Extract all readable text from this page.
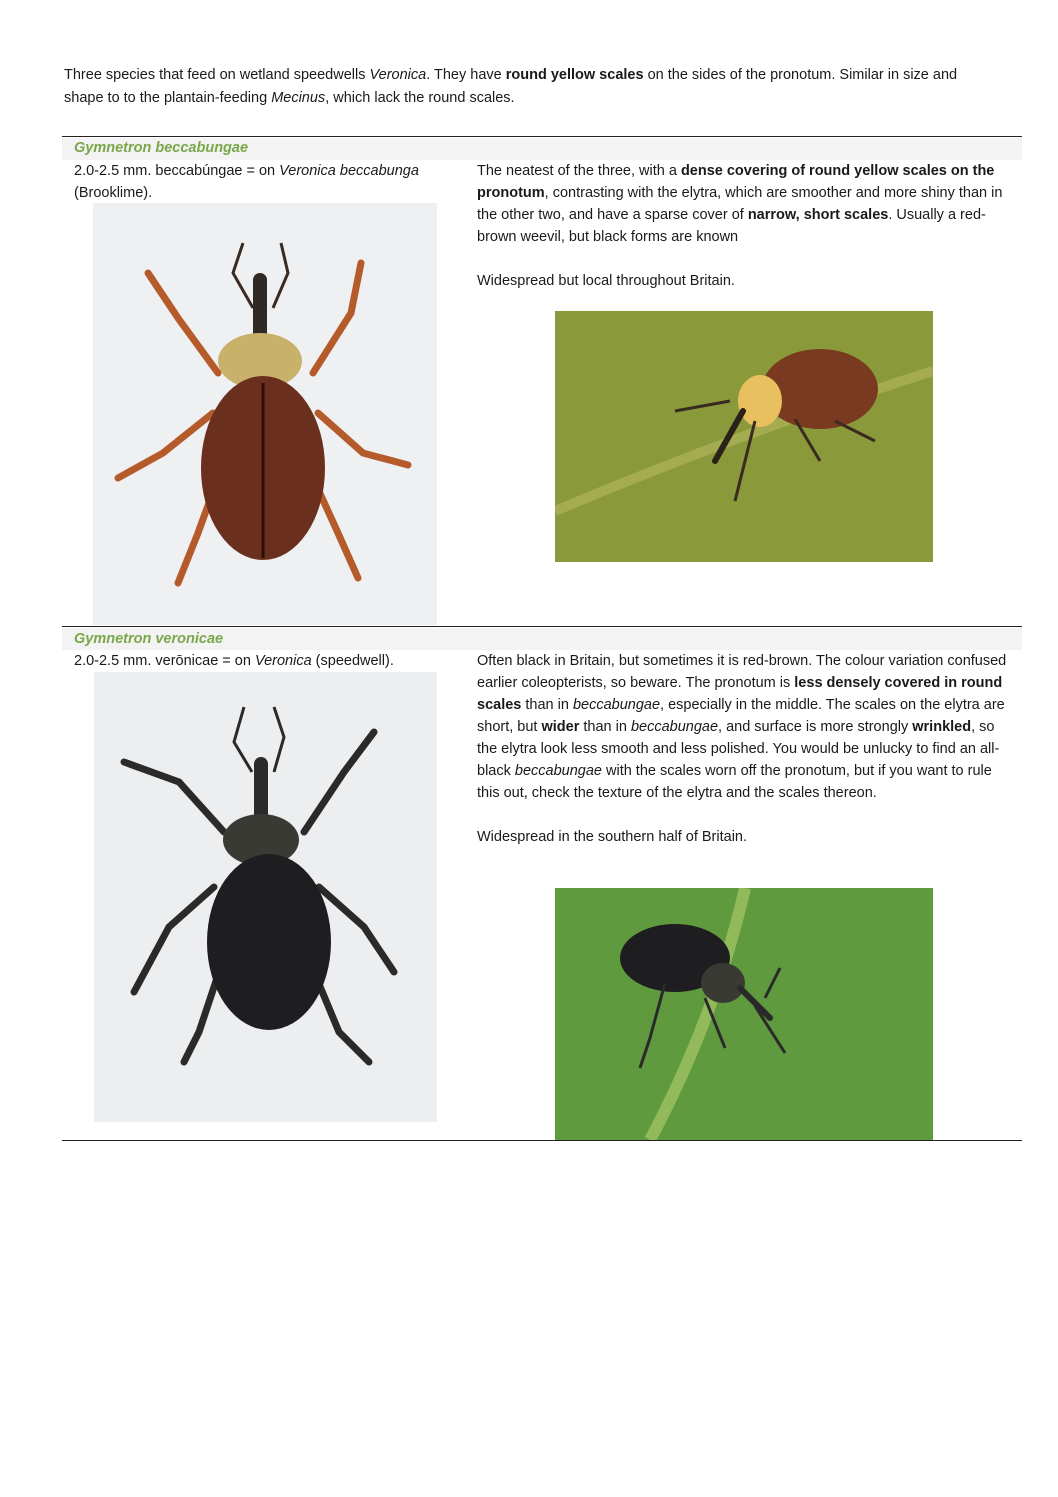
Three species that feed on wetland speedwells Veronica. They have round yellow scales on the sides of the pronotum. Similar in size and shape to to the plantain-feeding Mecinus, which lack the round scales.
Gymnetron beccabungae
2.0-2.5 mm. beccabúngae = on Veronica beccabunga (Brooklime).

The neatest of the three, with a dense covering of round yellow scales on the pronotum, contrasting with the elytra, which are smoother and more shiny than in the other two, and have a sparse cover of narrow, short scales. Usually a red-brown weevil, but black forms are known

Widespread but local throughout Britain.

Gymnetron veronicae
2.0-2.5 mm. verōnicae = on Veronica (speedwell).	Often black in Britain, but sometimes it is red-brown. The colour variation confused earlier coleopterists, so beware. The pronotum is less densely covered in round scales than in beccabungae, especially in the middle. The scales on the elytra are short, but wider than in beccabungae, and surface is more strongly wrinkled, so the elytra look less smooth and less polished. You would be unlucky to find an all-black beccabungae with the scales worn off the pronotum, but if you want to rule this out, check the texture of the elytra and the scales thereon.

Widespread in the southern half of Britain.
